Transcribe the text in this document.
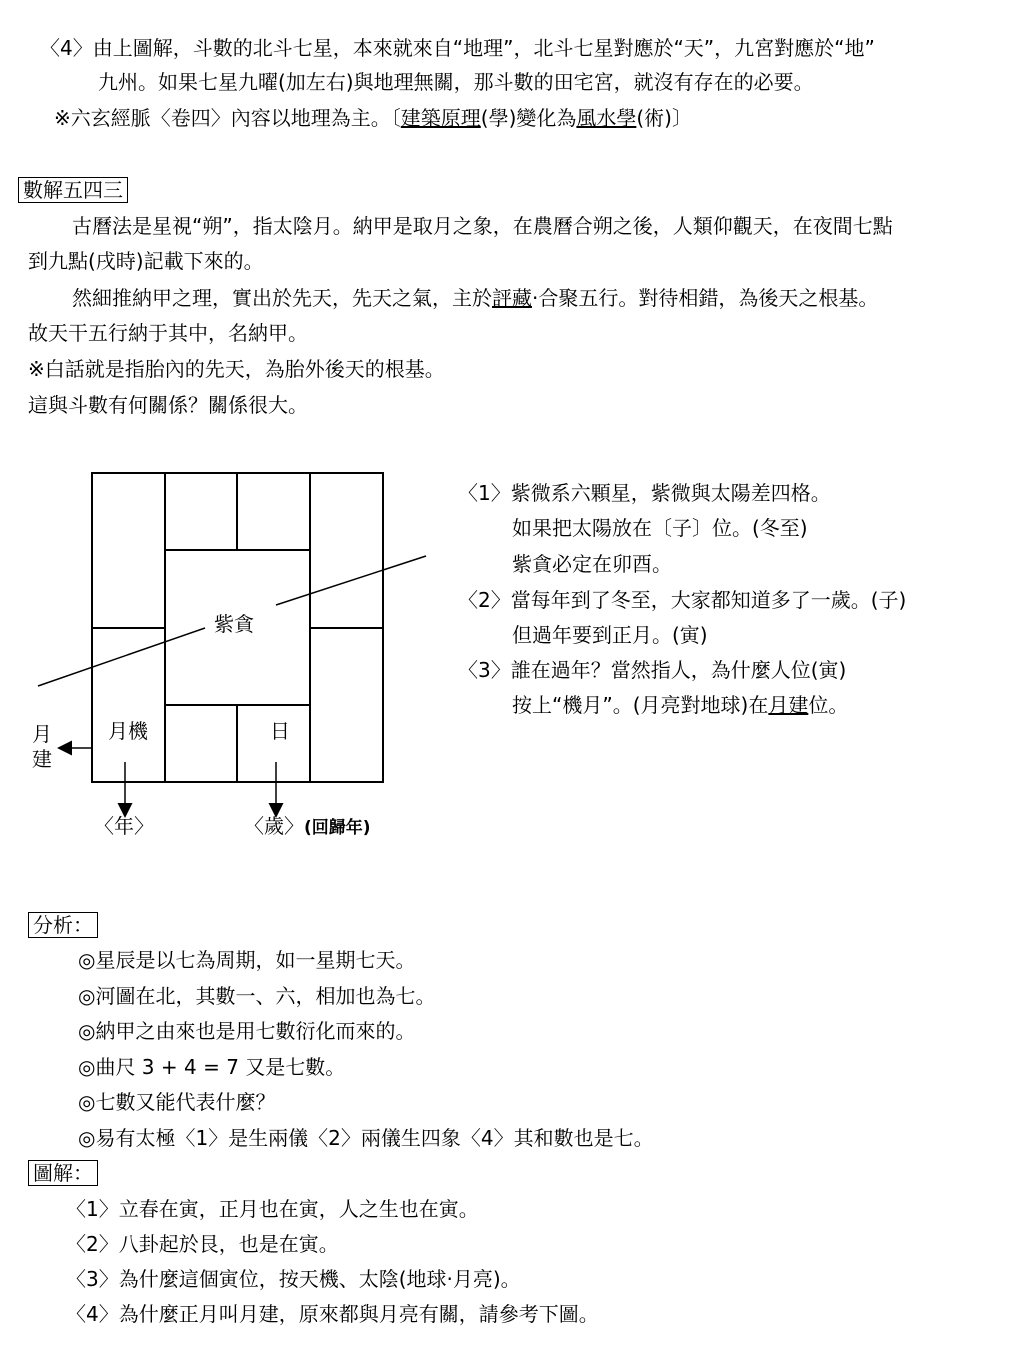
〈4〉由上圖解，斗數的北斗七星，本來就來自“地理”，北斗七星對應於“天”，九宮對應於“地”
九州。如果七星九曜(加左右)與地理無關，那斗數的田宅宮，就沒有存在的必要。
※六玄經脈〈卷四〉內容以地理為主。〔建築原理(學)變化為風水學(術)〕
數解五四三
古曆法是星視“朔”，指太陰月。納甲是取月之象，在農曆合朔之後，人類仰觀天，在夜間七點
到九點(戌時)記載下來的。
然細推納甲之理，實出於先天，先天之氣，主於評藏‧合聚五行。對待相錯，為後天之根基。
故天干五行納于其中，名納甲。
※白話就是指胎內的先天，為胎外後天的根基。
這與斗數有何關係？關係很大。
紫貪
月機	日
月建
〈年〉	〈歲〉(回歸年)
〈1〉紫微系六顆星，紫微與太陽差四格。
如果把太陽放在〔子〕位。(冬至)
紫貪必定在卯酉。
〈2〉當每年到了冬至，大家都知道多了一歲。(子)
但過年要到正月。(寅)
〈3〉誰在過年？當然指人，為什麼人位(寅)
按上“機月”。(月亮對地球)在月建位。
分析：
◎星辰是以七為周期，如一星期七天。
◎河圖在北，其數一、六，相加也為七。
◎納甲之由來也是用七數衍化而來的。
◎曲尺 3 + 4 = 7 又是七數。
◎七數又能代表什麼？
◎易有太極〈1〉是生兩儀〈2〉兩儀生四象〈4〉其和數也是七。
圖解：
〈1〉立春在寅，正月也在寅，人之生也在寅。
〈2〉八卦起於艮，也是在寅。
〈3〉為什麼這個寅位，按天機、太陰(地球‧月亮)。
〈4〉為什麼正月叫月建，原來都與月亮有關，請參考下圖。
